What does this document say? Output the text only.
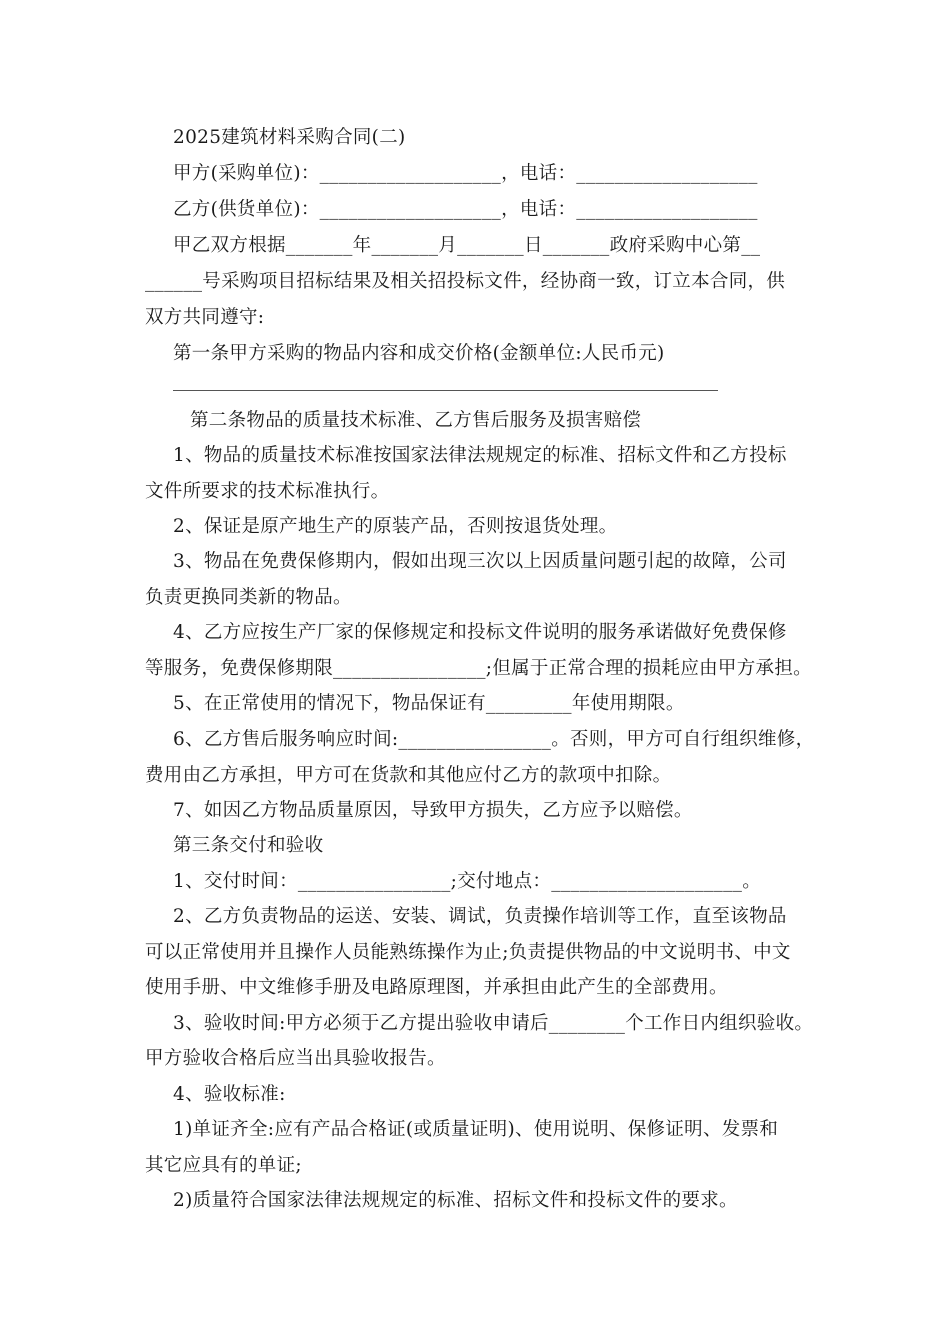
2025建筑材料采购合同(二)
甲方(采购单位)：___________________，电话：___________________
乙方(供货单位)：___________________，电话：___________________
甲乙双方根据_______年_______月_______日_______政府采购中心第__
______号采购项目招标结果及相关招投标文件，经协商一致，订立本合同，供
双方共同遵守:
第一条甲方采购的物品内容和成交价格(金额单位:人民币元)
第二条物品的质量技术标准、乙方售后服务及损害赔偿
1、物品的质量技术标准按国家法律法规规定的标准、招标文件和乙方投标
文件所要求的技术标准执行。
2、保证是原产地生产的原装产品，否则按退货处理。
3、物品在免费保修期内，假如出现三次以上因质量问题引起的故障，公司
负责更换同类新的物品。
4、乙方应按生产厂家的保修规定和投标文件说明的服务承诺做好免费保修
等服务，免费保修期限________________;但属于正常合理的损耗应由甲方承担。
5、在正常使用的情况下，物品保证有_________年使用期限。
6、乙方售后服务响应时间:________________。否则，甲方可自行组织维修，
费用由乙方承担，甲方可在货款和其他应付乙方的款项中扣除。
7、如因乙方物品质量原因，导致甲方损失，乙方应予以赔偿。
第三条交付和验收
1、交付时间：________________;交付地点：____________________。
2、乙方负责物品的运送、安装、调试，负责操作培训等工作，直至该物品
可以正常使用并且操作人员能熟练操作为止;负责提供物品的中文说明书、中文
使用手册、中文维修手册及电路原理图，并承担由此产生的全部费用。
3、验收时间:甲方必须于乙方提出验收申请后________个工作日内组织验收。
甲方验收合格后应当出具验收报告。
4、验收标准:
1)单证齐全:应有产品合格证(或质量证明)、使用说明、保修证明、发票和
其它应具有的单证;
2)质量符合国家法律法规规定的标准、招标文件和投标文件的要求。
